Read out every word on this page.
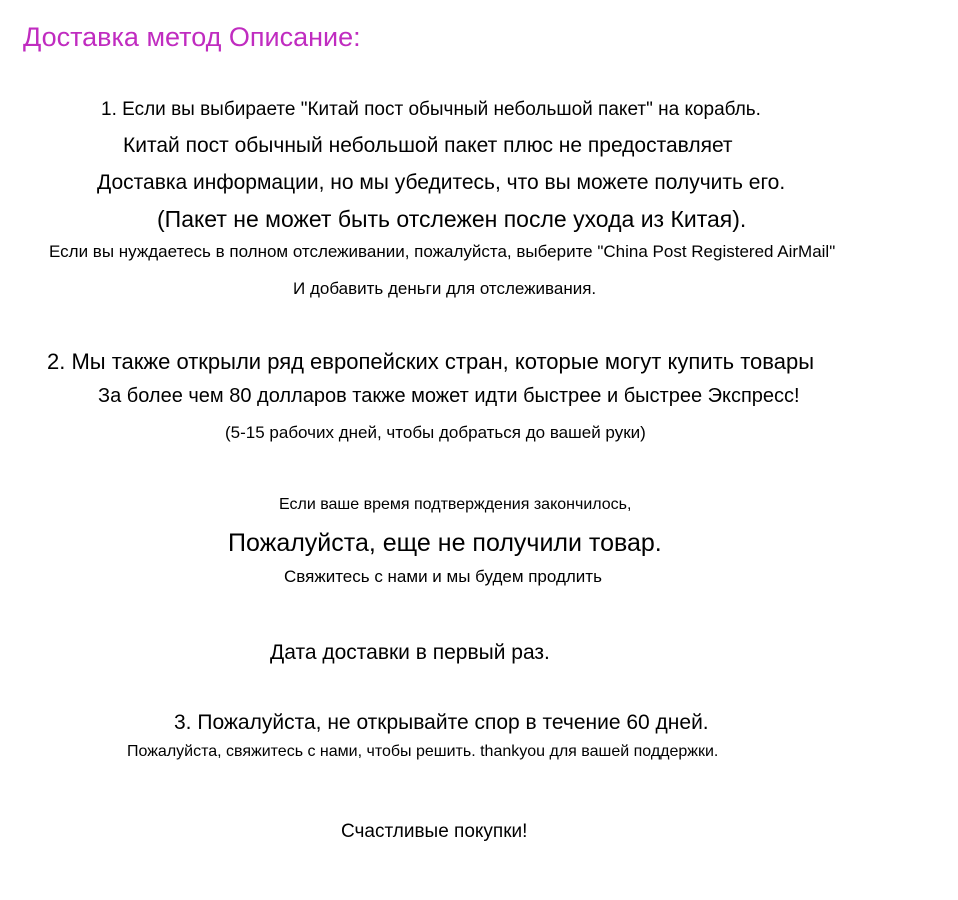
Доставка метод Описание:
1. Если вы выбираете "Китай пост обычный небольшой пакет" на корабль.
Китай пост обычный небольшой пакет плюс не предоставляет
Доставка информации, но мы убедитесь, что вы можете получить его.
(Пакет не может быть отслежен после ухода из Китая).
Если вы нуждаетесь в полном отслеживании, пожалуйста, выберите "China Post Registered AirMail"
И добавить деньги для отслеживания.
2. Мы также открыли ряд европейских стран, которые могут купить товары
За более чем 80 долларов также может идти быстрее и быстрее Экспресс!
(5-15 рабочих дней, чтобы добраться до вашей руки)
Если ваше время подтверждения закончилось,
Пожалуйста, еще не получили товар.
Свяжитесь с нами и мы будем продлить
Дата доставки в первый раз.
3. Пожалуйста, не открывайте спор в течение 60 дней.
Пожалуйста, свяжитесь с нами, чтобы решить. thankyou для вашей поддержки.
Счастливые покупки!
